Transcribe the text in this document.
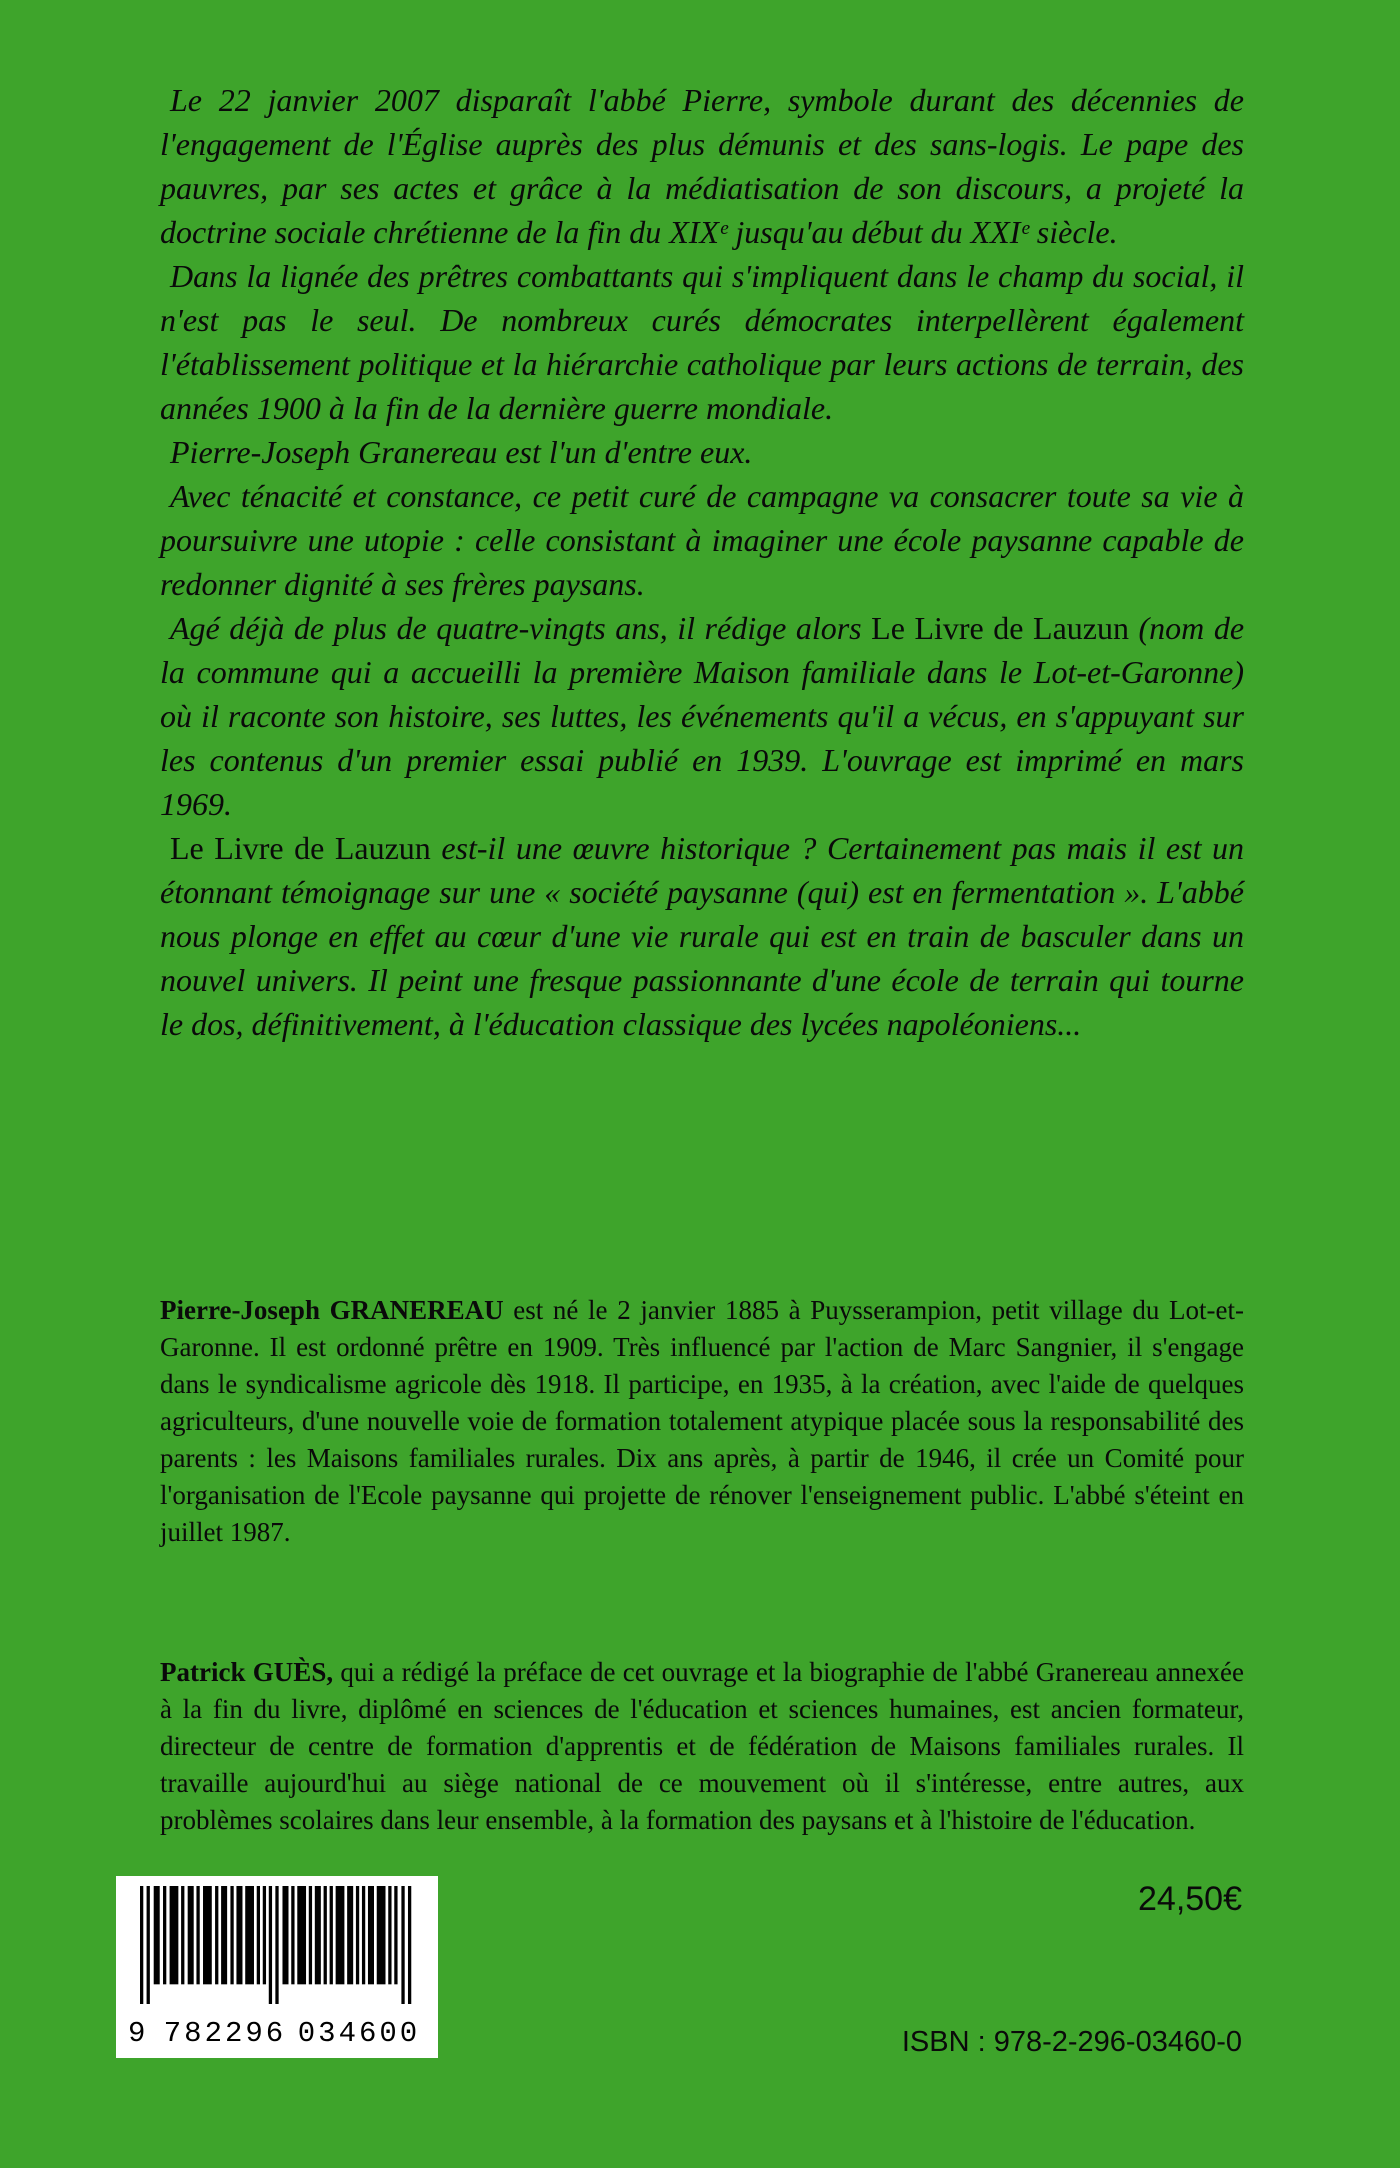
Le 22 janvier 2007 disparaît l'abbé Pierre, symbole durant des décennies de l'engagement de l'Église auprès des plus démunis et des sans-logis. Le pape des pauvres, par ses actes et grâce à la médiatisation de son discours, a projeté la doctrine sociale chrétienne de la fin du XIXᵉ jusqu'au début du XXIᵉ siècle.

Dans la lignée des prêtres combattants qui s'impliquent dans le champ du social, il n'est pas le seul. De nombreux curés démocrates interpellèrent également l'établissement politique et la hiérarchie catholique par leurs actions de terrain, des années 1900 à la fin de la dernière guerre mondiale.

Pierre-Joseph Granereau est l'un d'entre eux.

Avec ténacité et constance, ce petit curé de campagne va consacrer toute sa vie à poursuivre une utopie : celle consistant à imaginer une école paysanne capable de redonner dignité à ses frères paysans.

Agé déjà de plus de quatre-vingts ans, il rédige alors Le Livre de Lauzun (nom de la commune qui a accueilli la première Maison familiale dans le Lot-et-Garonne) où il raconte son histoire, ses luttes, les événements qu'il a vécus, en s'appuyant sur les contenus d'un premier essai publié en 1939. L'ouvrage est imprimé en mars 1969.

Le Livre de Lauzun est-il une œuvre historique ? Certainement pas mais il est un étonnant témoignage sur une « société paysanne (qui) est en fermentation ». L'abbé nous plonge en effet au cœur d'une vie rurale qui est en train de basculer dans un nouvel univers. Il peint une fresque passionnante d'une école de terrain qui tourne le dos, définitivement, à l'éducation classique des lycées napoléoniens...

Pierre-Joseph GRANEREAU est né le 2 janvier 1885 à Puysserampion, petit village du Lot-et-Garonne. Il est ordonné prêtre en 1909. Très influencé par l'action de Marc Sangnier, il s'engage dans le syndicalisme agricole dès 1918. Il participe, en 1935, à la création, avec l'aide de quelques agriculteurs, d'une nouvelle voie de formation totalement atypique placée sous la responsabilité des parents : les Maisons familiales rurales. Dix ans après, à partir de 1946, il crée un Comité pour l'organisation de l'Ecole paysanne qui projette de rénover l'enseignement public. L'abbé s'éteint en juillet 1987.

Patrick GUÈS, qui a rédigé la préface de cet ouvrage et la biographie de l'abbé Granereau annexée à la fin du livre, diplômé en sciences de l'éducation et sciences humaines, est ancien formateur, directeur de centre de formation d'apprentis et de fédération de Maisons familiales rurales. Il travaille aujourd'hui au siège national de ce mouvement où il s'intéresse, entre autres, aux problèmes scolaires dans leur ensemble, à la formation des paysans et à l'histoire de l'éducation.

9 782296 034600
24,50€
ISBN : 978-2-296-03460-0
